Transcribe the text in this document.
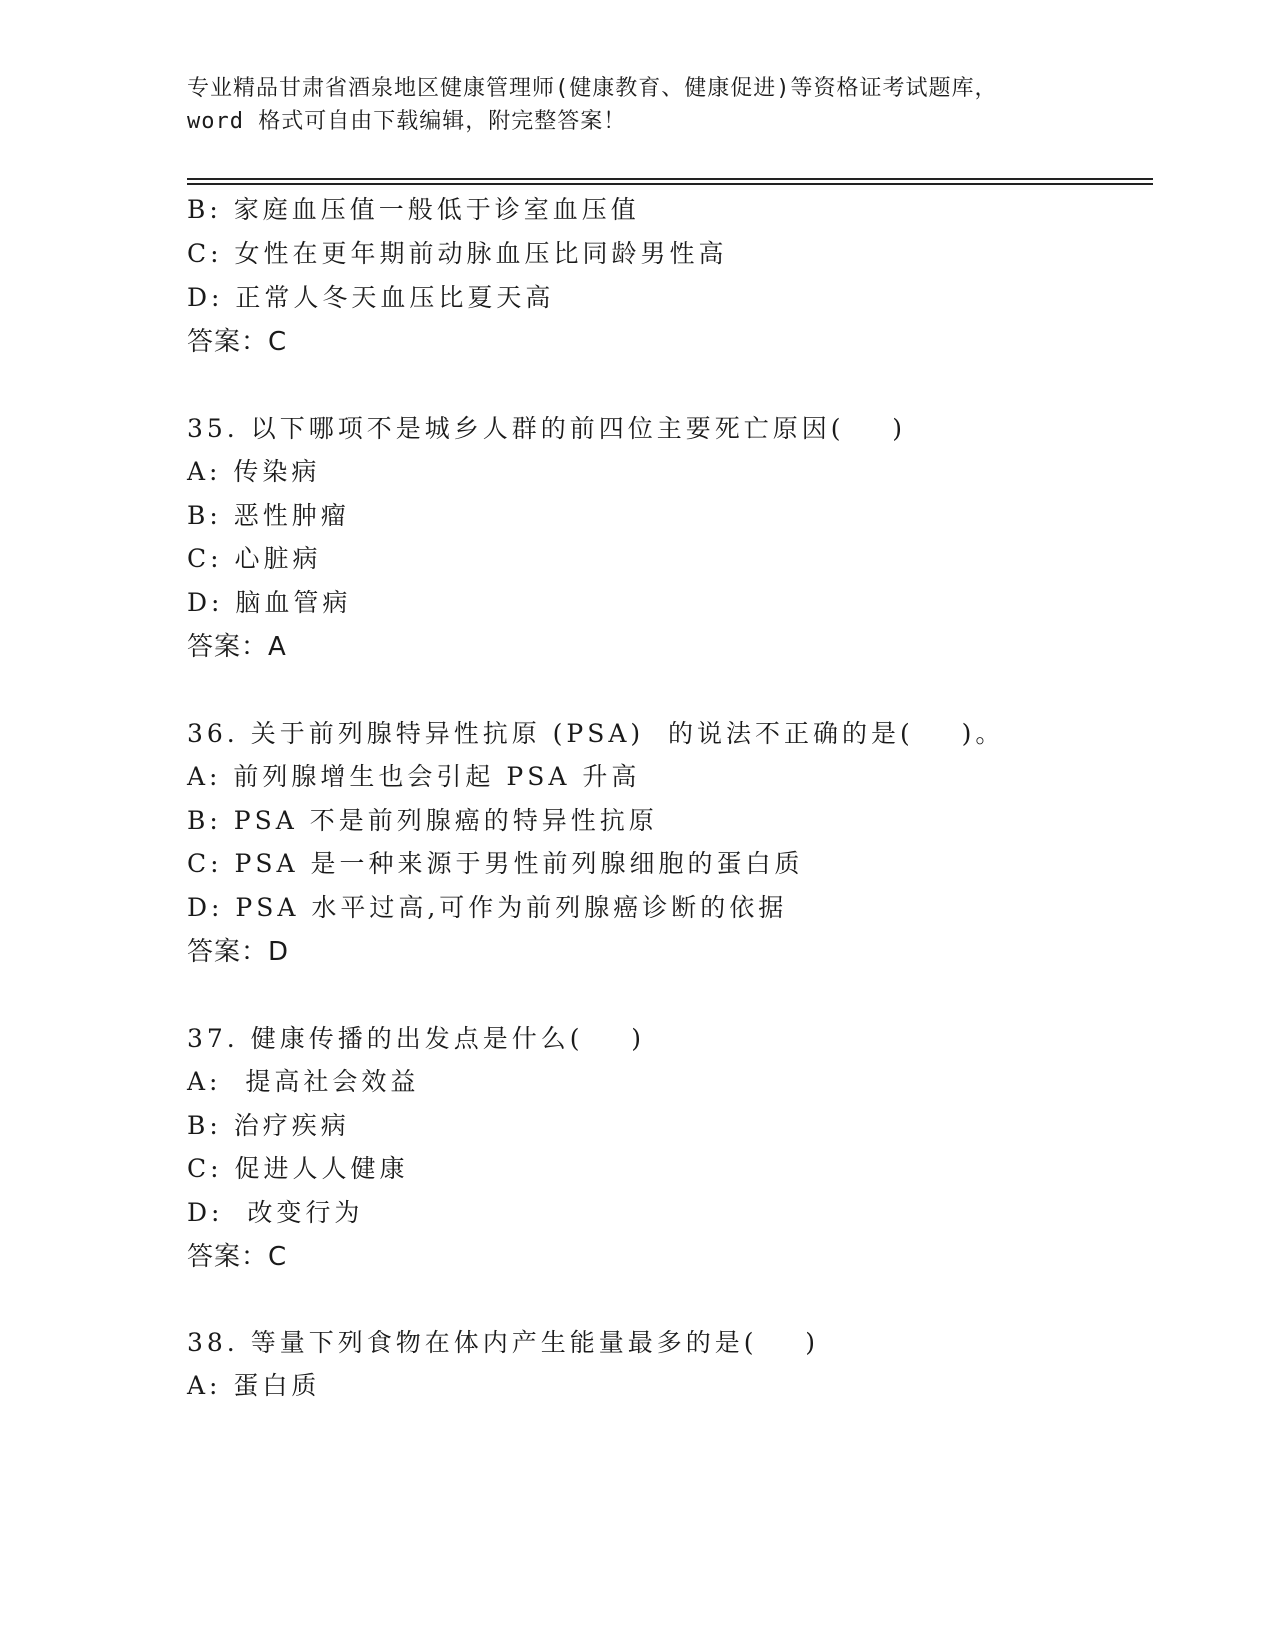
专业精品甘肃省酒泉地区健康管理师(健康教育、健康促进)等资格证考试题库，
word 格式可自由下载编辑，附完整答案！
B: 家庭血压值一般低于诊室血压值
C: 女性在更年期前动脉血压比同龄男性高
D: 正常人冬天血压比夏天高
答案：C
35. 以下哪项不是城乡人群的前四位主要死亡原因(    )
A: 传染病
B: 恶性肿瘤
C: 心脏病
D: 脑血管病
答案：A
36. 关于前列腺特异性抗原 (PSA)  的说法不正确的是(    )。
A: 前列腺增生也会引起 PSA 升高
B: PSA 不是前列腺癌的特异性抗原
C: PSA 是一种来源于男性前列腺细胞的蛋白质
D: PSA 水平过高,可作为前列腺癌诊断的依据
答案：D
37. 健康传播的出发点是什么(    )
A:  提高社会效益
B: 治疗疾病
C: 促进人人健康
D:  改变行为
答案：C
38. 等量下列食物在体内产生能量最多的是(    )
A: 蛋白质
